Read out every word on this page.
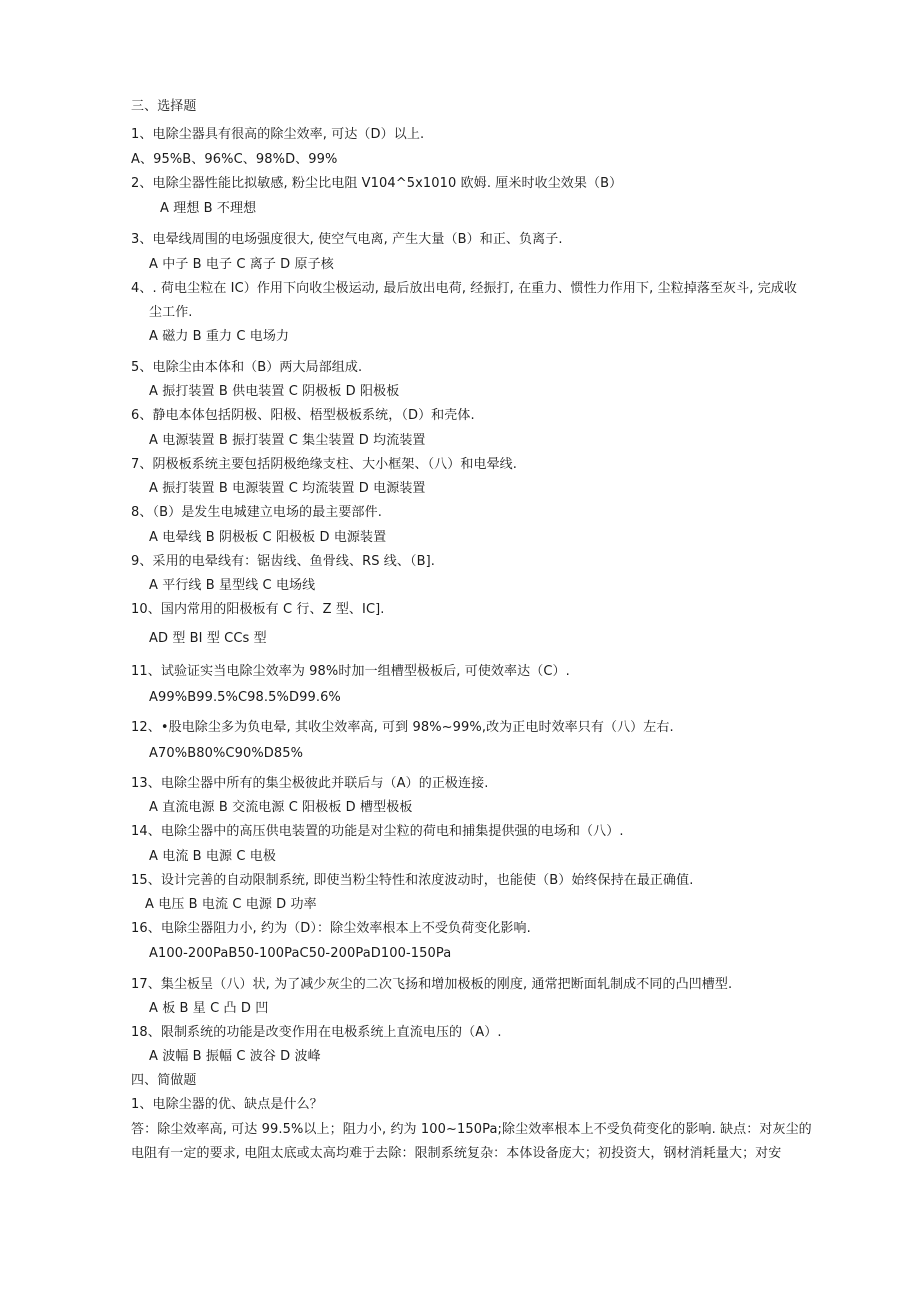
三、选择题
1、电除尘器具有很高的除尘效率, 可达（D）以上.
A、95%B、96%C、98%D、99%
2、电除尘器性能比拟敏感, 粉尘比电阻 V104^5x1010 欧姆. 厘米时收尘效果（B）
A 理想 B 不理想
3、电晕线周围的电场强度很大, 使空气电离, 产生大量（B）和正、负离子.
A 中子 B 电子 C 离子 D 原子核
4、. 荷电尘粒在 IC）作用下向收尘极运动, 最后放出电荷, 经振打, 在重力、惯性力作用下, 尘粒掉落至灰斗, 完成收
尘工作.
A 磁力 B 重力 C 电场力
5、电除尘由本体和（B）两大局部组成.
A 振打装置 B 供电装置 C 阴极板 D 阳极板
6、静电本体包括阴极、阳极、梧型极板系统，（D）和壳体.
A 电源装置 B 振打装置 C 集尘装置 D 均流装置
7、阴极板系统主要包括阴极绝缘支柱、大小框架、（八）和电晕线.
A 振打装置 B 电源装置 C 均流装置 D 电源装置
8、（B）是发生电城建立电场的最主要部件.
A 电晕线 B 阴极板 C 阳极板 D 电源装置
9、采用的电晕线有：锯齿线、鱼骨线、RS 线、（B].
A 平行线 B 星型线 C 电场线
10、国内常用的阳极板有 C 行、Z 型、IC].
AD 型 BI 型 CCs 型
11、试验证实当电除尘效率为 98%时加一组槽型极板后, 可使效率达（C）.
A99%B99.5%C98.5%D99.6%
12、•股电除尘多为负电晕, 其收尘效率高, 可到 98%~99%,改为正电时效率只有（八）左右.
A70%B80%C90%D85%
13、电除尘器中所有的集尘极彼此并联后与（A）的正极连接.
A 直流电源 B 交流电源 C 阳极板 D 槽型极板
14、电除尘器中的高压供电装置的功能是对尘粒的荷电和捕集提供强的电场和（八）.
A 电流 B 电源 C 电极
15、设计完善的自动限制系统, 即使当粉尘特性和浓度波动时，也能使（B）始终保持在最正确值.
A 电压 B 电流 C 电源 D 功率
16、电除尘器阻力小, 约为（D）：除尘效率根本上不受负荷变化影响.
A100-200PaB50-100PaC50-200PaD100-150Pa
17、集尘板呈（八）状, 为了减少灰尘的二次飞扬和增加极板的刚度, 通常把断面轧制成不同的凸凹槽型.
A 板 B 星 C 凸 D 凹
18、限制系统的功能是改变作用在电极系统上直流电压的（A）.
A 波幅 B 振幅 C 波谷 D 波峰
四、简做题
1、电除尘器的优、缺点是什么？
答：除尘效率高, 可达 99.5%以上；阻力小, 约为 100~150Pa;除尘效率根本上不受负荷变化的影响. 缺点：对灰尘的
电阻有一定的要求, 电阻太底或太高均难于去除：限制系统复杂：本体设备庞大；初投资大，钢材消耗量大；对安
